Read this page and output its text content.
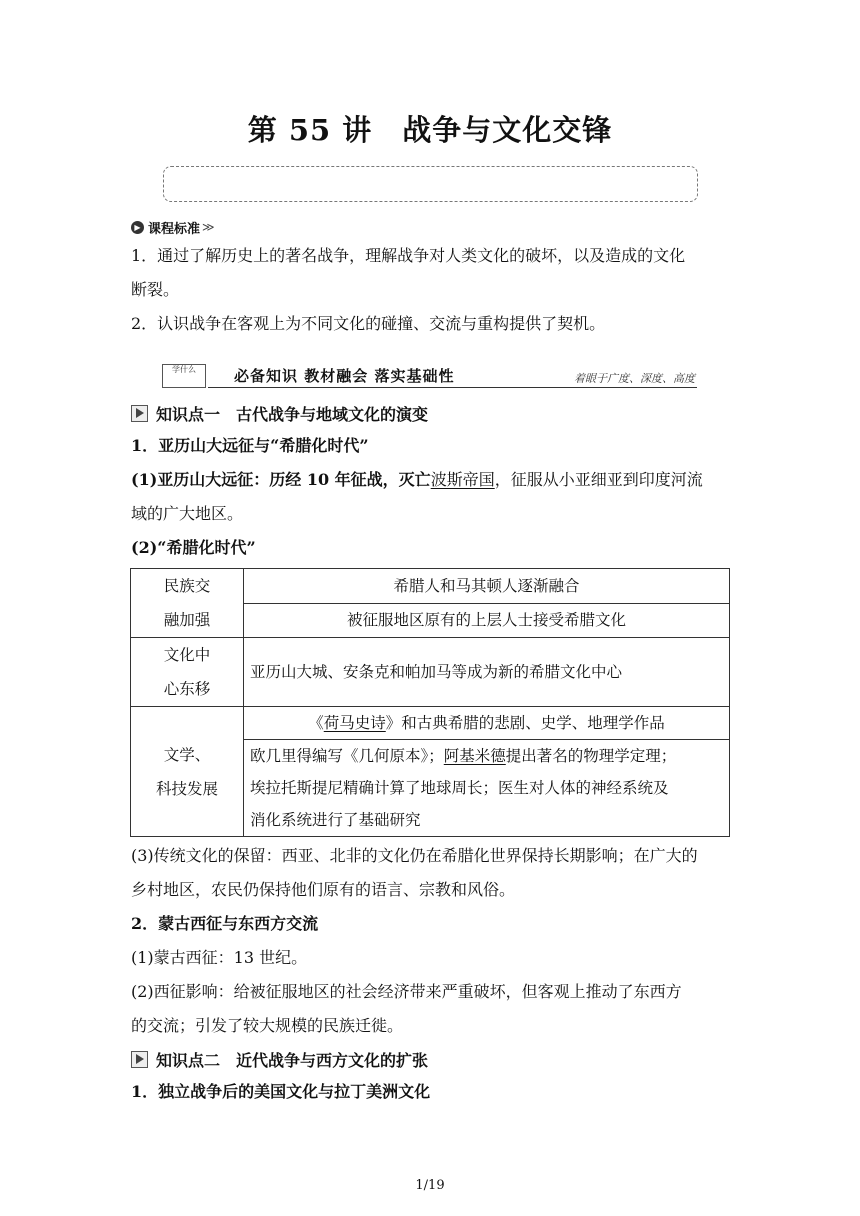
第 55 讲　战争与文化交锋
▶ 课程标准 ≫
1．通过了解历史上的著名战争，理解战争对人类文化的破坏，以及造成的文化
断裂。
2．认识战争在客观上为不同文化的碰撞、交流与重构提供了契机。
学什么	必备知识 教材融会 落实基础性	着眼于广度、深度、高度
知识点一　古代战争与地域文化的演变
1．亚历山大远征与“希腊化时代”
(1)亚历山大远征：历经 10 年征战，灭亡波斯帝国，征服从小亚细亚到印度河流
域的广大地区。
(2)“希腊化时代”
民族交
融加强	希腊人和马其顿人逐渐融合
	被征服地区原有的上层人士接受希腊文化
文化中
心东移	亚历山大城、安条克和帕加马等成为新的希腊文化中心
文学、
科技发展	《荷马史诗》和古典希腊的悲剧、史学、地理学作品
	欧几里得编写《几何原本》；阿基米德提出著名的物理学定理；
埃拉托斯提尼精确计算了地球周长；医生对人体的神经系统及
消化系统进行了基础研究
(3)传统文化的保留：西亚、北非的文化仍在希腊化世界保持长期影响；在广大的
乡村地区，农民仍保持他们原有的语言、宗教和风俗。
2．蒙古西征与东西方交流
(1)蒙古西征：13 世纪。
(2)西征影响：给被征服地区的社会经济带来严重破坏，但客观上推动了东西方
的交流；引发了较大规模的民族迁徙。
知识点二　近代战争与西方文化的扩张
1．独立战争后的美国文化与拉丁美洲文化
1/19
